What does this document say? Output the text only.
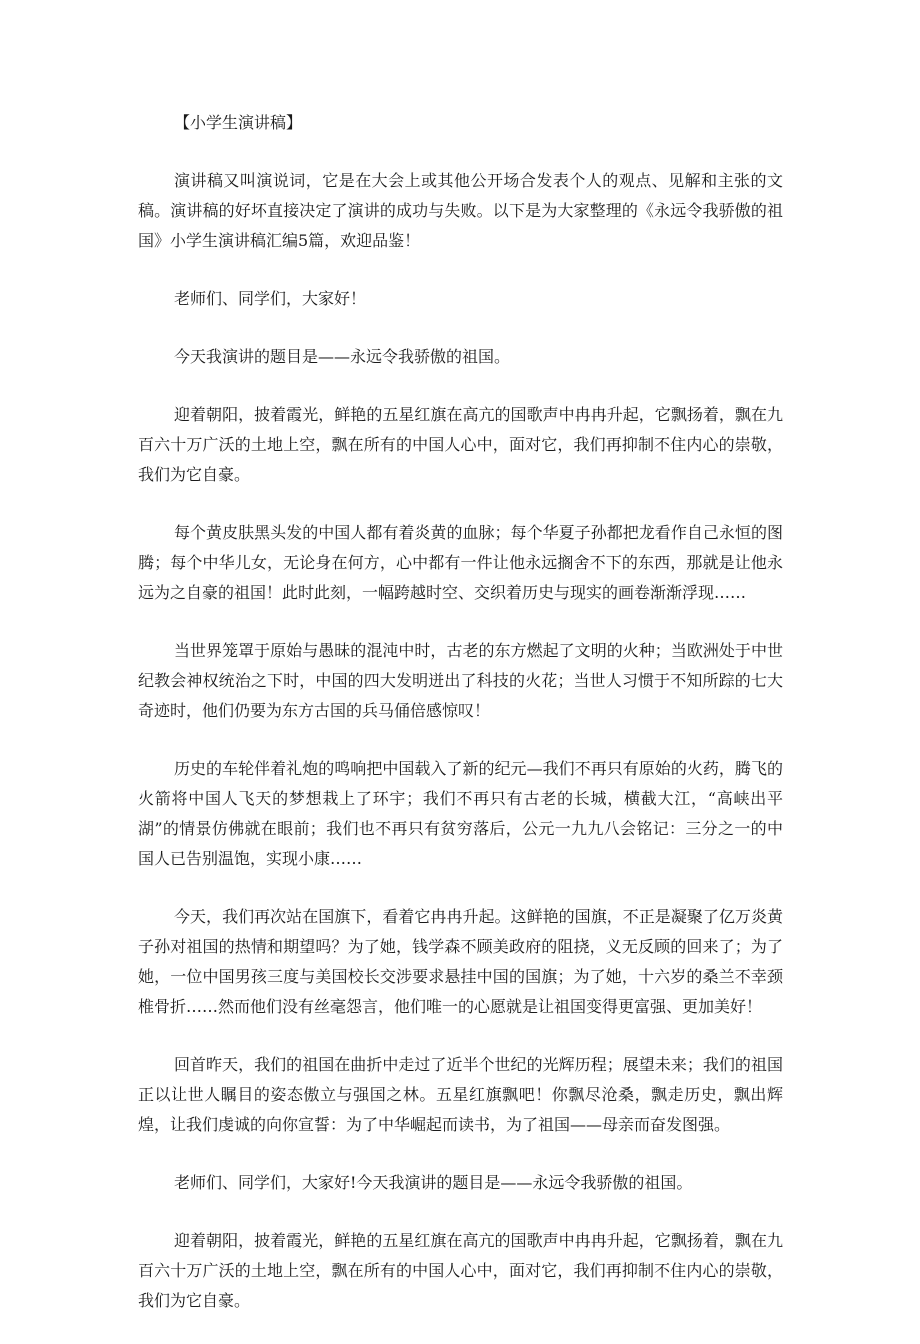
【小学生演讲稿】

演讲稿又叫演说词，它是在大会上或其他公开场合发表个人的观点、见解和主张的文稿。演讲稿的好坏直接决定了演讲的成功与失败。以下是为大家整理的《永远令我骄傲的祖国》小学生演讲稿汇编5篇，欢迎品鉴！

老师们、同学们，大家好！

今天我演讲的题目是——永远令我骄傲的祖国。

迎着朝阳，披着霞光，鲜艳的五星红旗在高亢的国歌声中冉冉升起，它飘扬着，飘在九百六十万广沃的土地上空，飘在所有的中国人心中，面对它，我们再抑制不住内心的崇敬，我们为它自豪。

每个黄皮肤黑头发的中国人都有着炎黄的血脉；每个华夏子孙都把龙看作自己永恒的图腾；每个中华儿女，无论身在何方，心中都有一件让他永远搁舍不下的东西，那就是让他永远为之自豪的祖国！此时此刻，一幅跨越时空、交织着历史与现实的画卷渐渐浮现……

当世界笼罩于原始与愚昧的混沌中时，古老的东方燃起了文明的火种；当欧洲处于中世纪教会神权统治之下时，中国的四大发明迸出了科技的火花；当世人习惯于不知所踪的七大奇迹时，他们仍要为东方古国的兵马俑倍感惊叹！

历史的车轮伴着礼炮的鸣响把中国载入了新的纪元—我们不再只有原始的火药，腾飞的火箭将中国人飞天的梦想栽上了环宇；我们不再只有古老的长城，横截大江，“高峡出平湖”的情景仿佛就在眼前；我们也不再只有贫穷落后，公元一九九八会铭记：三分之一的中国人已告别温饱，实现小康……

今天，我们再次站在国旗下，看着它冉冉升起。这鲜艳的国旗，不正是凝聚了亿万炎黄子孙对祖国的热情和期望吗？为了她，钱学森不顾美政府的阻挠，义无反顾的回来了；为了她，一位中国男孩三度与美国校长交涉要求悬挂中国的国旗；为了她，十六岁的桑兰不幸颈椎骨折……然而他们没有丝毫怨言，他们唯一的心愿就是让祖国变得更富强、更加美好！

回首昨天，我们的祖国在曲折中走过了近半个世纪的光辉历程；展望未来；我们的祖国正以让世人瞩目的姿态傲立与强国之林。五星红旗飘吧！你飘尽沧桑，飘走历史，飘出辉煌，让我们虔诚的向你宣誓：为了中华崛起而读书，为了祖国——母亲而奋发图强。

老师们、同学们，大家好!今天我演讲的题目是——永远令我骄傲的祖国。

迎着朝阳，披着霞光，鲜艳的五星红旗在高亢的国歌声中冉冉升起，它飘扬着，飘在九百六十万广沃的土地上空，飘在所有的中国人心中，面对它，我们再抑制不住内心的崇敬，我们为它自豪。
